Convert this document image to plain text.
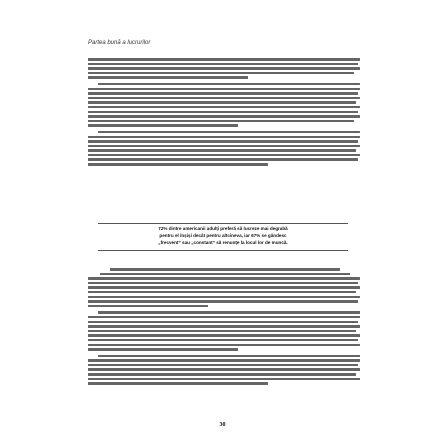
Partea bună a lucrurilor
72% dintre americanii adulți preferă să lucreze mai degrabă
pentru el înșiși decât pentru altcineva, iar 67% se gândesc
„frecvent” sau „constant” să renunțe la locul lor de muncă.
30
